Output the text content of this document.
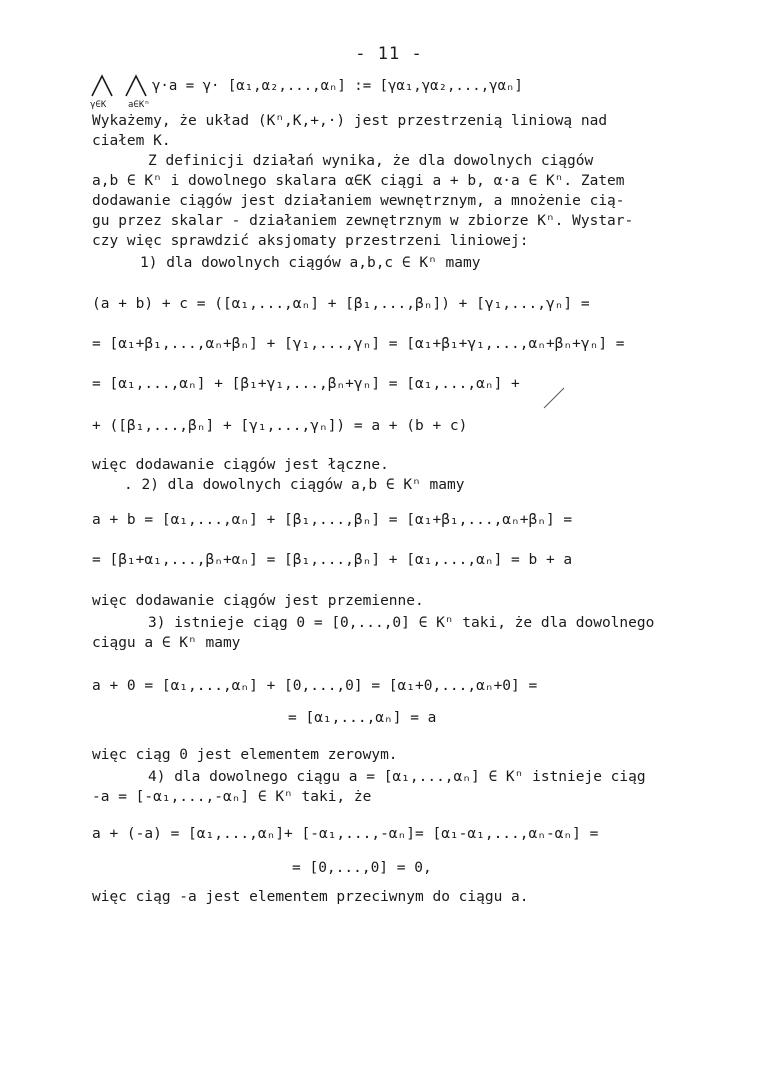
- 11 -
γ∈K a∈Kⁿ
γ·a = γ· [α₁,α₂,...,αₙ] := [γα₁,γα₂,...,γαₙ]
Wykażemy, że układ (Kⁿ,K,+,·) jest przestrzenią liniową nad
ciałem K.
Z definicji działań wynika, że dla dowolnych ciągów
a,b ∈ Kⁿ i dowolnego skalara α∈K ciągi a + b, α·a ∈ Kⁿ. Zatem
dodawanie ciągów jest działaniem wewnętrznym, a mnożenie cią-
gu przez skalar - działaniem zewnętrznym w zbiorze Kⁿ. Wystar-
czy więc sprawdzić aksjomaty przestrzeni liniowej:
1) dla dowolnych ciągów a,b,c ∈ Kⁿ mamy
(a + b) + c = ([α₁,...,αₙ] + [β₁,...,βₙ]) + [γ₁,...,γₙ] =
= [α₁+β₁,...,αₙ+βₙ] + [γ₁,...,γₙ] = [α₁+β₁+γ₁,...,αₙ+βₙ+γₙ] =
= [α₁,...,αₙ] + [β₁+γ₁,...,βₙ+γₙ] = [α₁,...,αₙ] +
+ ([β₁,...,βₙ] + [γ₁,...,γₙ]) = a + (b + c)
więc dodawanie ciągów jest łączne.
. 2) dla dowolnych ciągów a,b ∈ Kⁿ mamy
a + b = [α₁,...,αₙ] + [β₁,...,βₙ] = [α₁+β₁,...,αₙ+βₙ] =
= [β₁+α₁,...,βₙ+αₙ] = [β₁,...,βₙ] + [α₁,...,αₙ] = b + a
więc dodawanie ciągów jest przemienne.
3) istnieje ciąg 0 = [0,...,0] ∈ Kⁿ taki, że dla dowolnego
ciągu a ∈ Kⁿ mamy
a + 0 = [α₁,...,αₙ] + [0,...,0] = [α₁+0,...,αₙ+0] =
= [α₁,...,αₙ] = a
więc ciąg 0 jest elementem zerowym.
4) dla dowolnego ciągu a = [α₁,...,αₙ] ∈ Kⁿ istnieje ciąg
-a = [-α₁,...,-αₙ] ∈ Kⁿ taki, że
a + (-a) = [α₁,...,αₙ]+ [-α₁,...,-αₙ]= [α₁-α₁,...,αₙ-αₙ] =
= [0,...,0] = 0,
więc ciąg -a jest elementem przeciwnym do ciągu a.
